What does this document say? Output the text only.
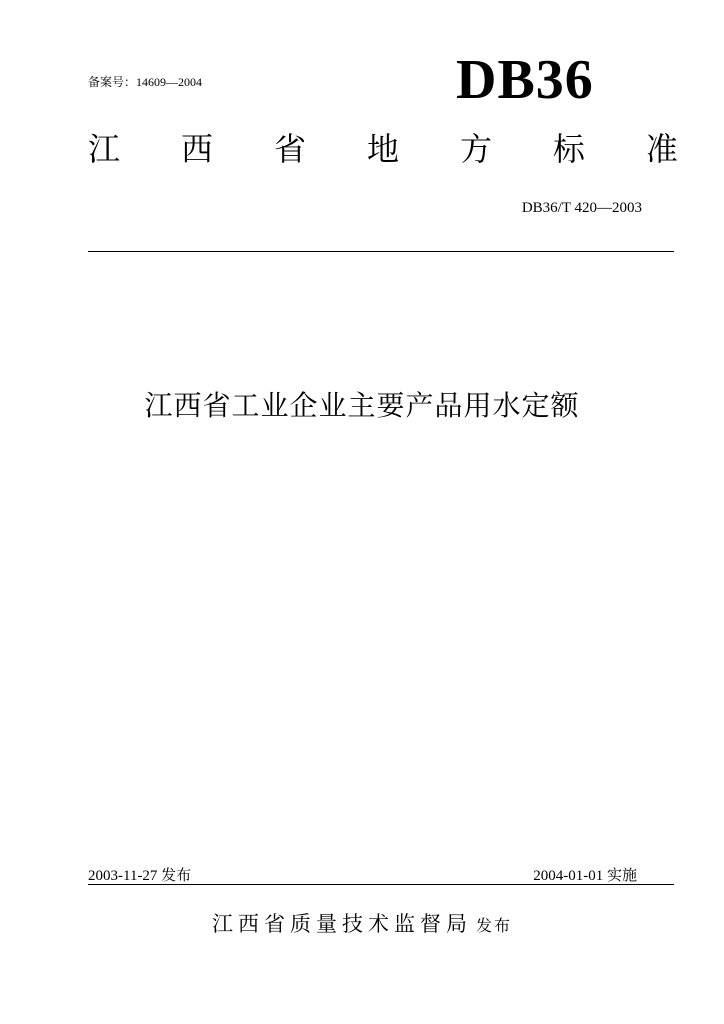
备案号：14609—2004	DB36
江 西 省 地 方 标 准
DB36/T 420—2003
江西省工业企业主要产品用水定额
2003-11-27 发布	2004-01-01 实施
江西省质量技术监督局 发布
